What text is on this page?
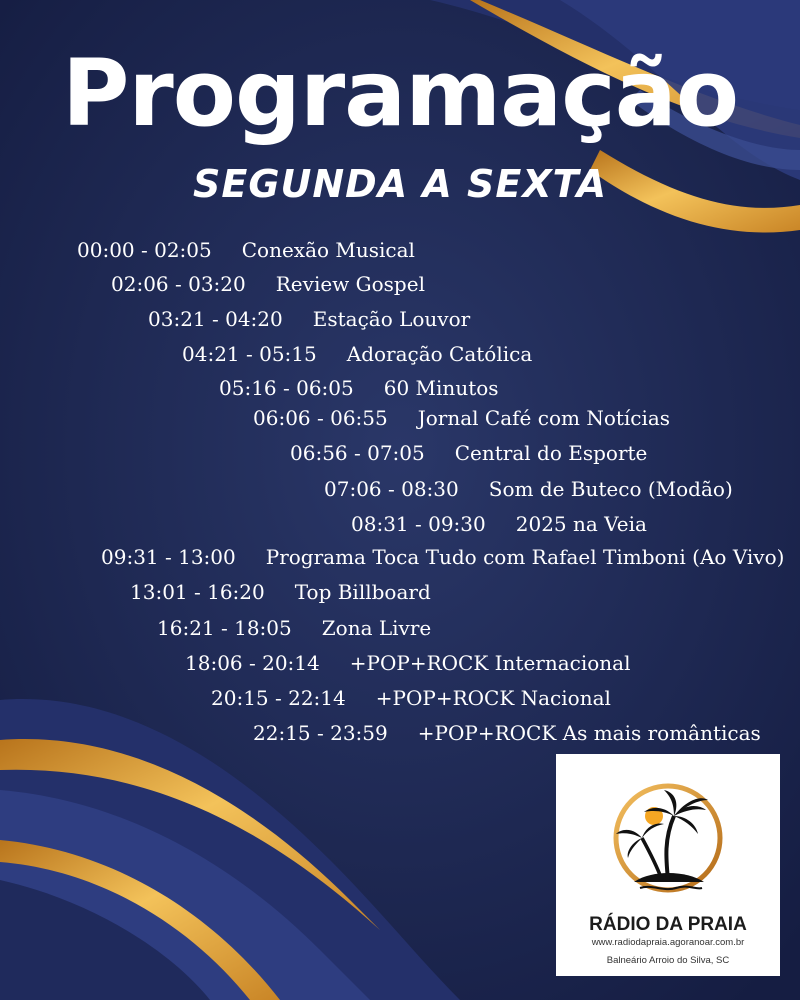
Programação
SEGUNDA A SEXTA
00:00 - 02:05 Conexão Musical
02:06 - 03:20 Review Gospel
03:21 - 04:20 Estação Louvor
04:21 - 05:15 Adoração Católica
05:16 - 06:05 60 Minutos
06:06 - 06:55 Jornal Café com Notícias
06:56 - 07:05 Central do Esporte
07:06 - 08:30 Som de Buteco (Modão)
08:31 - 09:30 2025 na Veia
09:31 - 13:00 Programa Toca Tudo com Rafael Timboni (Ao Vivo)
13:01 - 16:20 Top Billboard
16:21 - 18:05 Zona Livre
18:06 - 20:14 +POP+ROCK Internacional
20:15 - 22:14 +POP+ROCK Nacional
22:15 - 23:59 +POP+ROCK As mais românticas
RÁDIO DA PRAIA
www.radiodapraia.agoranoar.com.br
Balneário Arroio do Silva, SC
